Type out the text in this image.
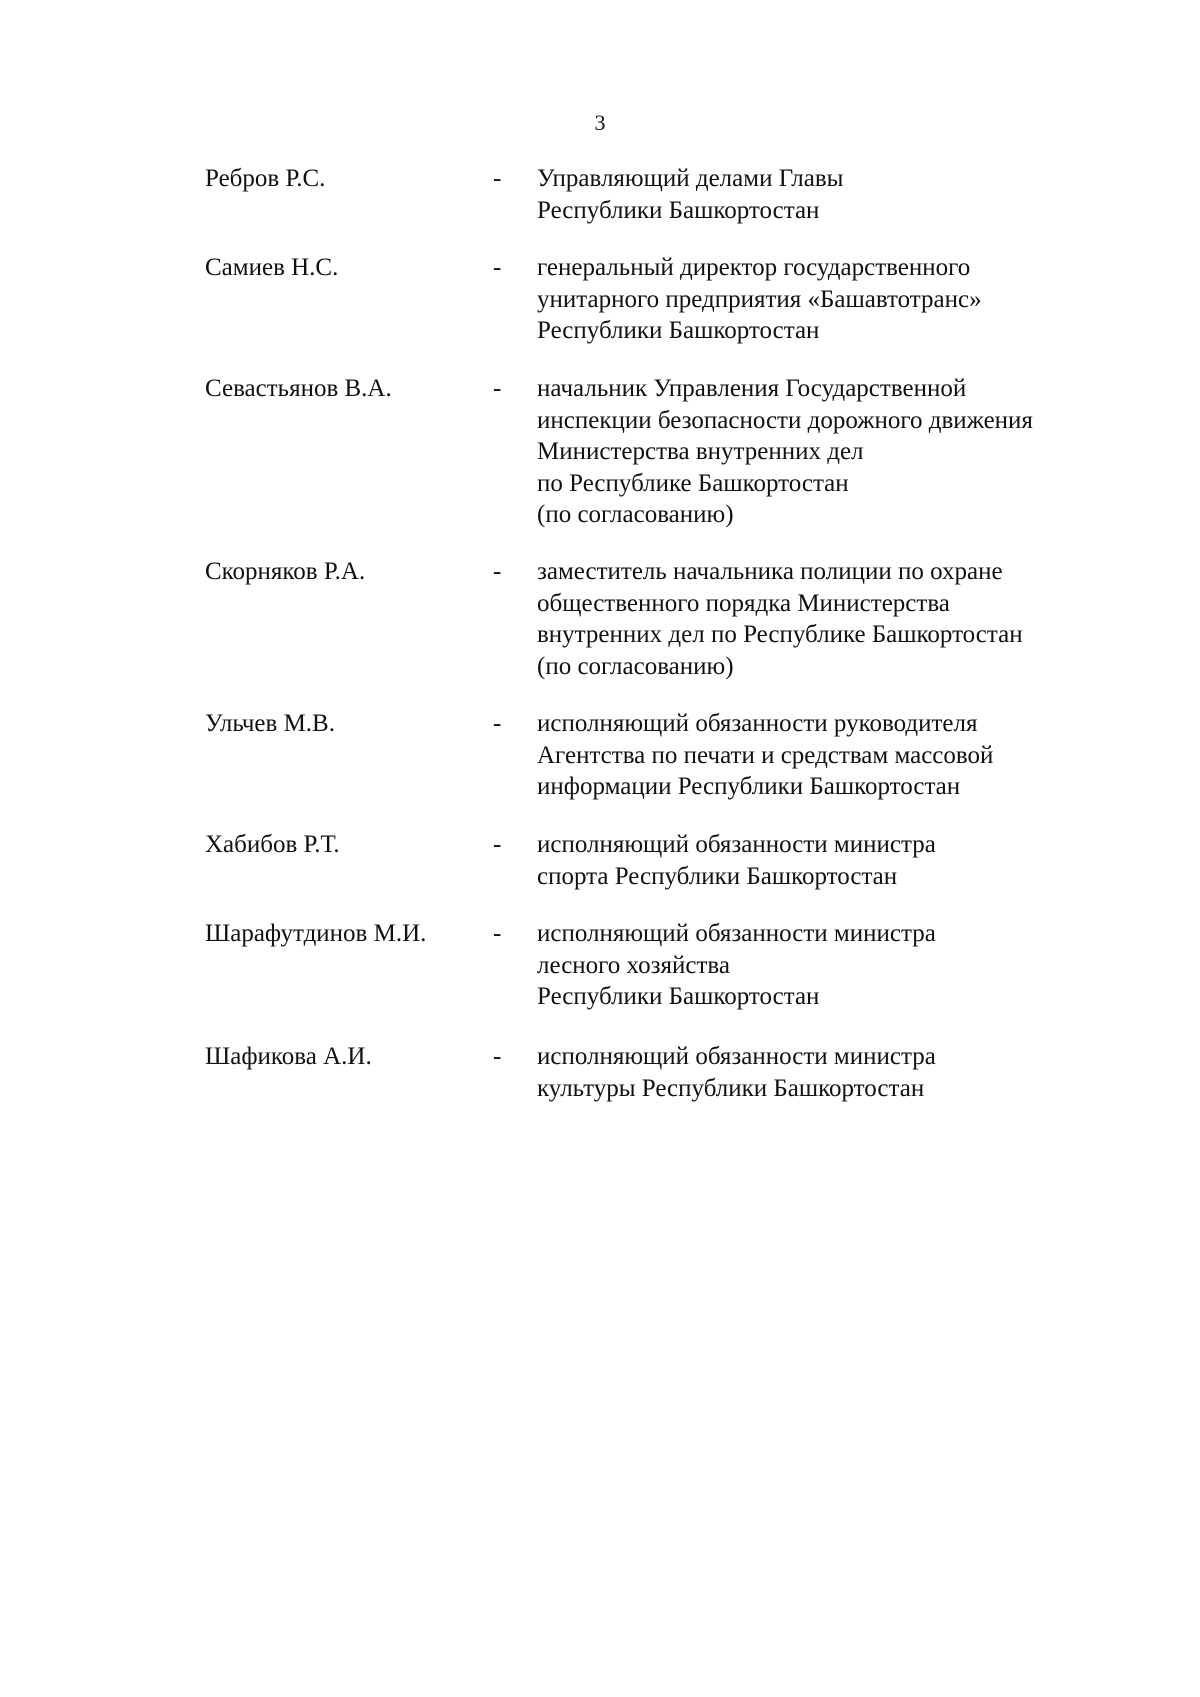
3
Ребров Р.С.	- Управляющий делами Главы
Республики Башкортостан
Самиев Н.С.	- генеральный директор государственного
унитарного предприятия «Башавтотранс»
Республики Башкортостан
Севастьянов В.А.	- начальник Управления Государственной
инспекции безопасности дорожного движения
Министерства внутренних дел
по Республике Башкортостан
(по согласованию)
Скорняков Р.А.	- заместитель начальника полиции по охране
общественного порядка Министерства
внутренних дел по Республике Башкортостан
(по согласованию)
Ульчев М.В.	- исполняющий обязанности руководителя
Агентства по печати и средствам массовой
информации Республики Башкортостан
Хабибов Р.Т.	- исполняющий обязанности министра
спорта Республики Башкортостан
Шарафутдинов М.И.	- исполняющий обязанности министра
лесного хозяйства
Республики Башкортостан
Шафикова А.И.	- исполняющий обязанности министра
культуры Республики Башкортостан
